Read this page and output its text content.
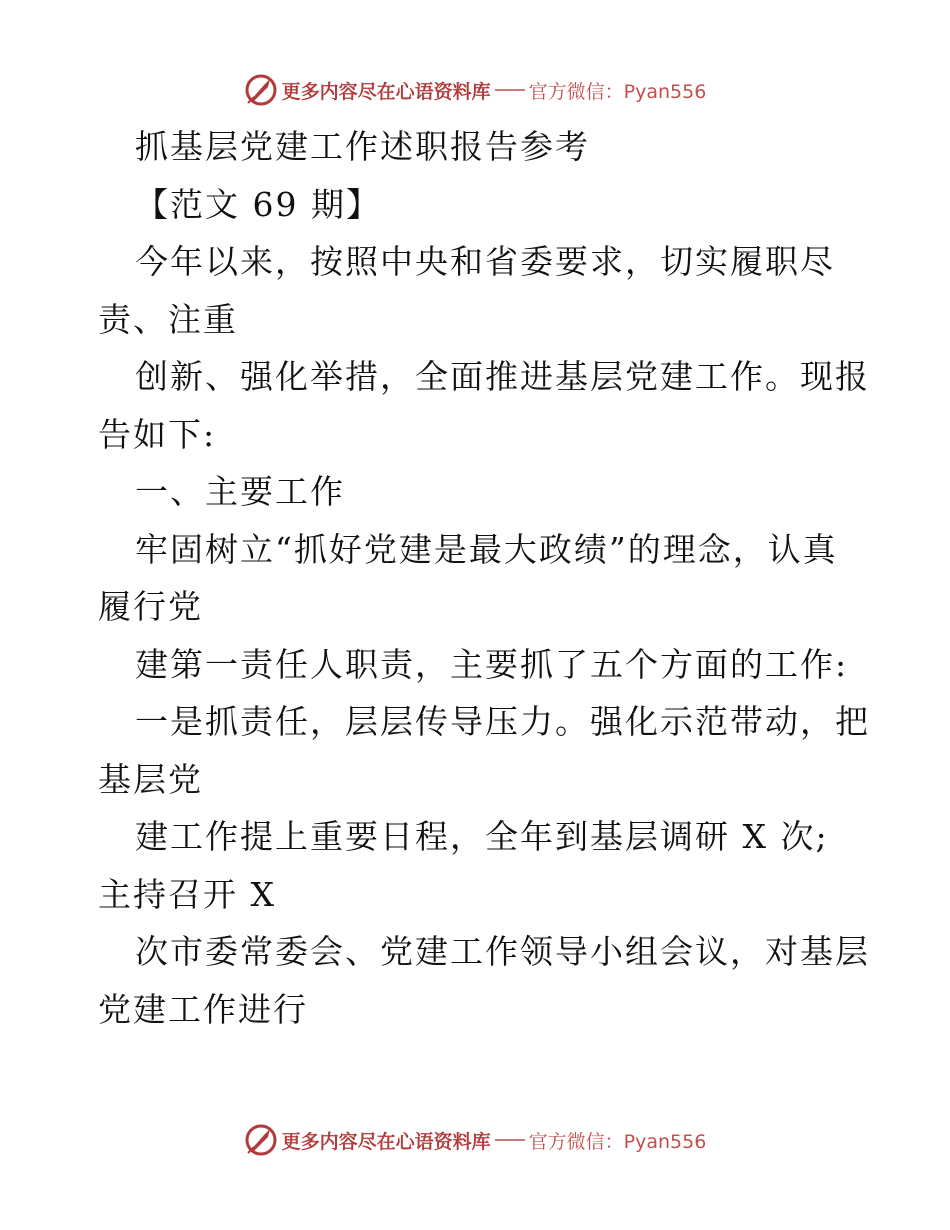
更多内容尽在心语资料库 官方微信：Pyan556
抓基层党建工作述职报告参考
【范文 69 期】
今年以来，按照中央和省委要求，切实履职尽
责、注重
创新、强化举措，全面推进基层党建工作。现报
告如下:
一、主要工作
牢固树立“抓好党建是最大政绩”的理念，认真
履行党
建第一责任人职责，主要抓了五个方面的工作:
一是抓责任，层层传导压力。强化示范带动，把
基层党
建工作提上重要日程，全年到基层调研 X 次;
主持召开 X
次市委常委会、党建工作领导小组会议，对基层
党建工作进行
更多内容尽在心语资料库 官方微信：Pyan556
